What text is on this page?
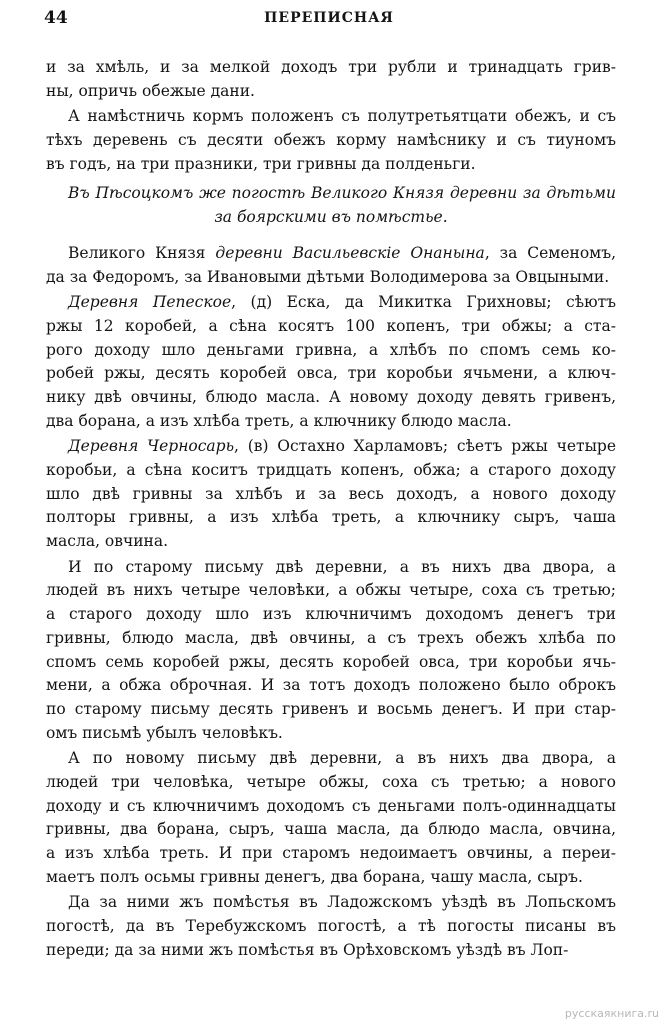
44	ПЕРЕПИСНАЯ
и за хмѣль, и за мелкой доходъ три рубли и тринадцать грив-
ны, опричь обежые дани.
А намѣстничь кормъ положенъ съ полутретьятцати обежъ, и съ
тѣхъ деревень съ десяти обежъ корму намѣснику и съ тиуномъ
въ годъ, на три празники, три гривны да полденьги.
Въ Пѣсоцкомъ же погостѣ Великого Князя деревни за дѣтьми
за боярскими въ помѣстье.
Великого Князя деревни Васильевскiе Онанына, за Семеномъ,
да за Федоромъ, за Ивановыми дѣтьми Володимерова за Овцыными.
Деревня Пепеское, (д) Еска, да Микитка Грихновы; сѣютъ
ржы 12 коробей, а сѣна косятъ 100 копенъ, три обжы; а ста-
рого доходу шло деньгами гривна, а хлѣбъ по спомъ семь ко-
робей ржы, десять коробей овса, три коробьи ячьмени, а ключ-
нику двѣ овчины, блюдо масла. А новому доходу девять гривенъ,
два борана, а изъ хлѣба треть, а ключнику блюдо масла.
Деревня Черносарь, (в) Остахно Харламовъ; сѣетъ ржы четыре
коробьи, а сѣна коситъ тридцать копенъ, обжа; а старого доходу
шло двѣ гривны за хлѣбъ и за весь доходъ, а нового доходу
полторы гривны, а изъ хлѣба треть, а ключнику сыръ, чаша
масла, овчина.
И по старому письму двѣ деревни, а въ нихъ два двора, а
людей въ нихъ четыре человѣки, а обжы четыре, соха съ третью;
а старого доходу шло изъ ключничимъ доходомъ денегъ три
гривны, блюдо масла, двѣ овчины, а съ трехъ обежъ хлѣба по
спомъ семь коробей ржы, десять коробей овса, три коробьи ячь-
мени, а обжа оброчная. И за тотъ доходъ положено было оброкъ
по старому письму десять гривенъ и восьмь денегъ. И при стар-
омъ письмѣ убылъ человѣкъ.
А по новому письму двѣ деревни, а въ нихъ два двора, а
людей три человѣка, четыре обжы, соха съ третью; а нового
доходу и съ ключничимъ доходомъ съ деньгами полъ-одиннадцаты
гривны, два борана, сыръ, чаша масла, да блюдо масла, овчина,
а изъ хлѣба треть. И при старомъ недоимаетъ овчины, а переи-
маетъ полъ осьмы гривны денегъ, два борана, чашу масла, сыръ.
Да за ними жъ помѣстья въ Ладожскомъ уѣздѣ въ Лопьскомъ
погостѣ, да въ Теребужскомъ погостѣ, а тѣ погосты писаны въ
переди; да за ними жъ помѣстья въ Орѣховскомъ уѣздѣ въ Лоп-
русскаякнига.ru
